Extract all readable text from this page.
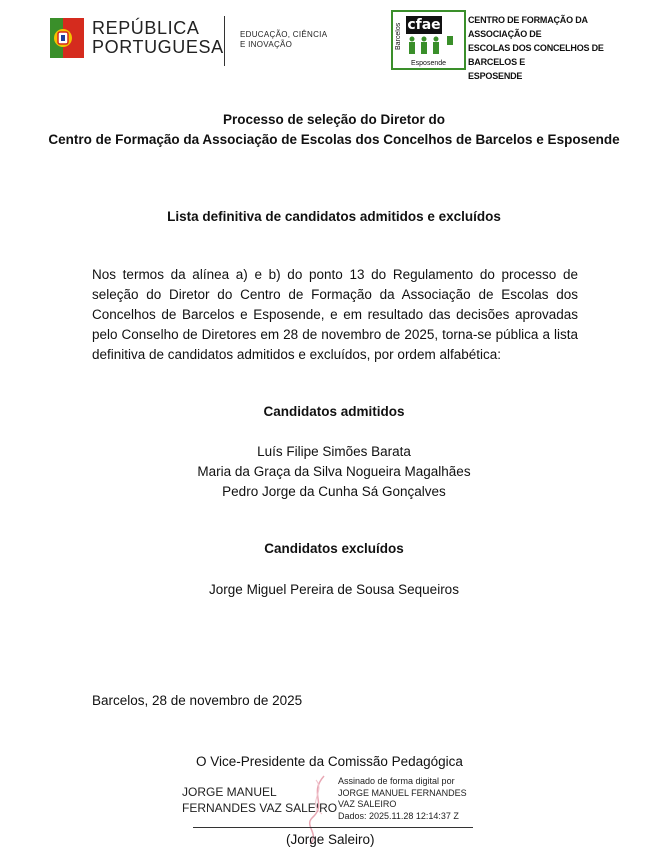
REPÚBLICA
PORTUGUESA
EDUCAÇÃO, CIÊNCIA
E INOVAÇÃO	Barcelos cfae
Esposende
CENTRO DE FORMAÇÃO DA ASSOCIAÇÃO DE
ESCOLAS DOS CONCELHOS DE BARCELOS E
ESPOSENDE
Processo de seleção do Diretor do
Centro de Formação da Associação de Escolas dos Concelhos de Barcelos e Esposende
Lista definitiva de candidatos admitidos e excluídos
Nos termos da alínea a) e b) do ponto 13 do Regulamento do processo de seleção do Diretor do Centro de Formação da Associação de Escolas dos Concelhos de Barcelos e Esposende, e em resultado das decisões aprovadas pelo Conselho de Diretores em 28 de novembro de 2025, torna-se pública a lista definitiva de candidatos admitidos e excluídos, por ordem alfabética:
Candidatos admitidos
Luís Filipe Simões Barata
Maria da Graça da Silva Nogueira Magalhães
Pedro Jorge da Cunha Sá Gonçalves
Candidatos excluídos
Jorge Miguel Pereira de Sousa Sequeiros
Barcelos, 28 de novembro de 2025
O Vice-Presidente da Comissão Pedagógica
JORGE MANUEL
FERNANDES VAZ SALEIRO
Assinado de forma digital por
JORGE MANUEL FERNANDES
VAZ SALEIRO
Dados: 2025.11.28 12:14:37 Z
(Jorge Saleiro)
